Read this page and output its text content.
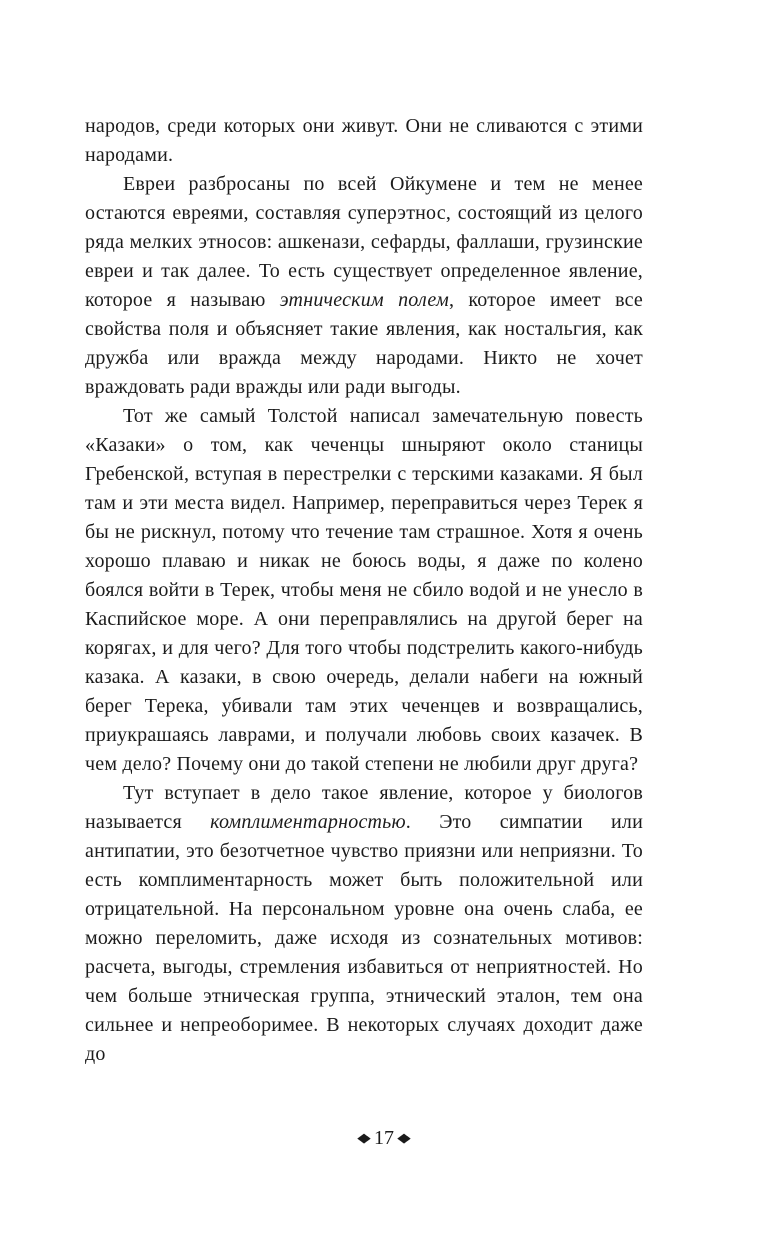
народов, среди которых они живут. Они не сливаются с этими народами.

Евреи разбросаны по всей Ойкумене и тем не менее остаются евреями, составляя суперэтнос, состоящий из целого ряда мелких этносов: ашкенази, сефарды, фаллаши, грузинские евреи и так далее. То есть существует определенное явление, которое я называю этническим полем, которое имеет все свойства поля и объясняет такие явления, как ностальгия, как дружба или вражда между народами. Никто не хочет враждовать ради вражды или ради выгоды.

Тот же самый Толстой написал замечательную повесть «Казаки» о том, как чеченцы шныряют около станицы Гребенской, вступая в перестрелки с терскими казаками. Я был там и эти места видел. Например, переправиться через Терек я бы не рискнул, потому что течение там страшное. Хотя я очень хорошо плаваю и никак не боюсь воды, я даже по колено боялся войти в Терек, чтобы меня не сбило водой и не унесло в Каспийское море. А они переправлялись на другой берег на корягах, и для чего? Для того чтобы подстрелить какого-нибудь казака. А казаки, в свою очередь, делали набеги на южный берег Терека, убивали там этих чеченцев и возвращались, приукрашаясь лаврами, и получали любовь своих казачек. В чем дело? Почему они до такой степени не любили друг друга?

Тут вступает в дело такое явление, которое у биологов называется комплиментарностью. Это симпатии или антипатии, это безотчетное чувство приязни или неприязни. То есть комплиментарность может быть положительной или отрицательной. На персональном уровне она очень слаба, ее можно переломить, даже исходя из сознательных мотивов: расчета, выгоды, стремления избавиться от неприятностей. Но чем больше этническая группа, этнический эталон, тем она сильнее и непреоборимее. В некоторых случаях доходит даже до

◆ 17 ◆
